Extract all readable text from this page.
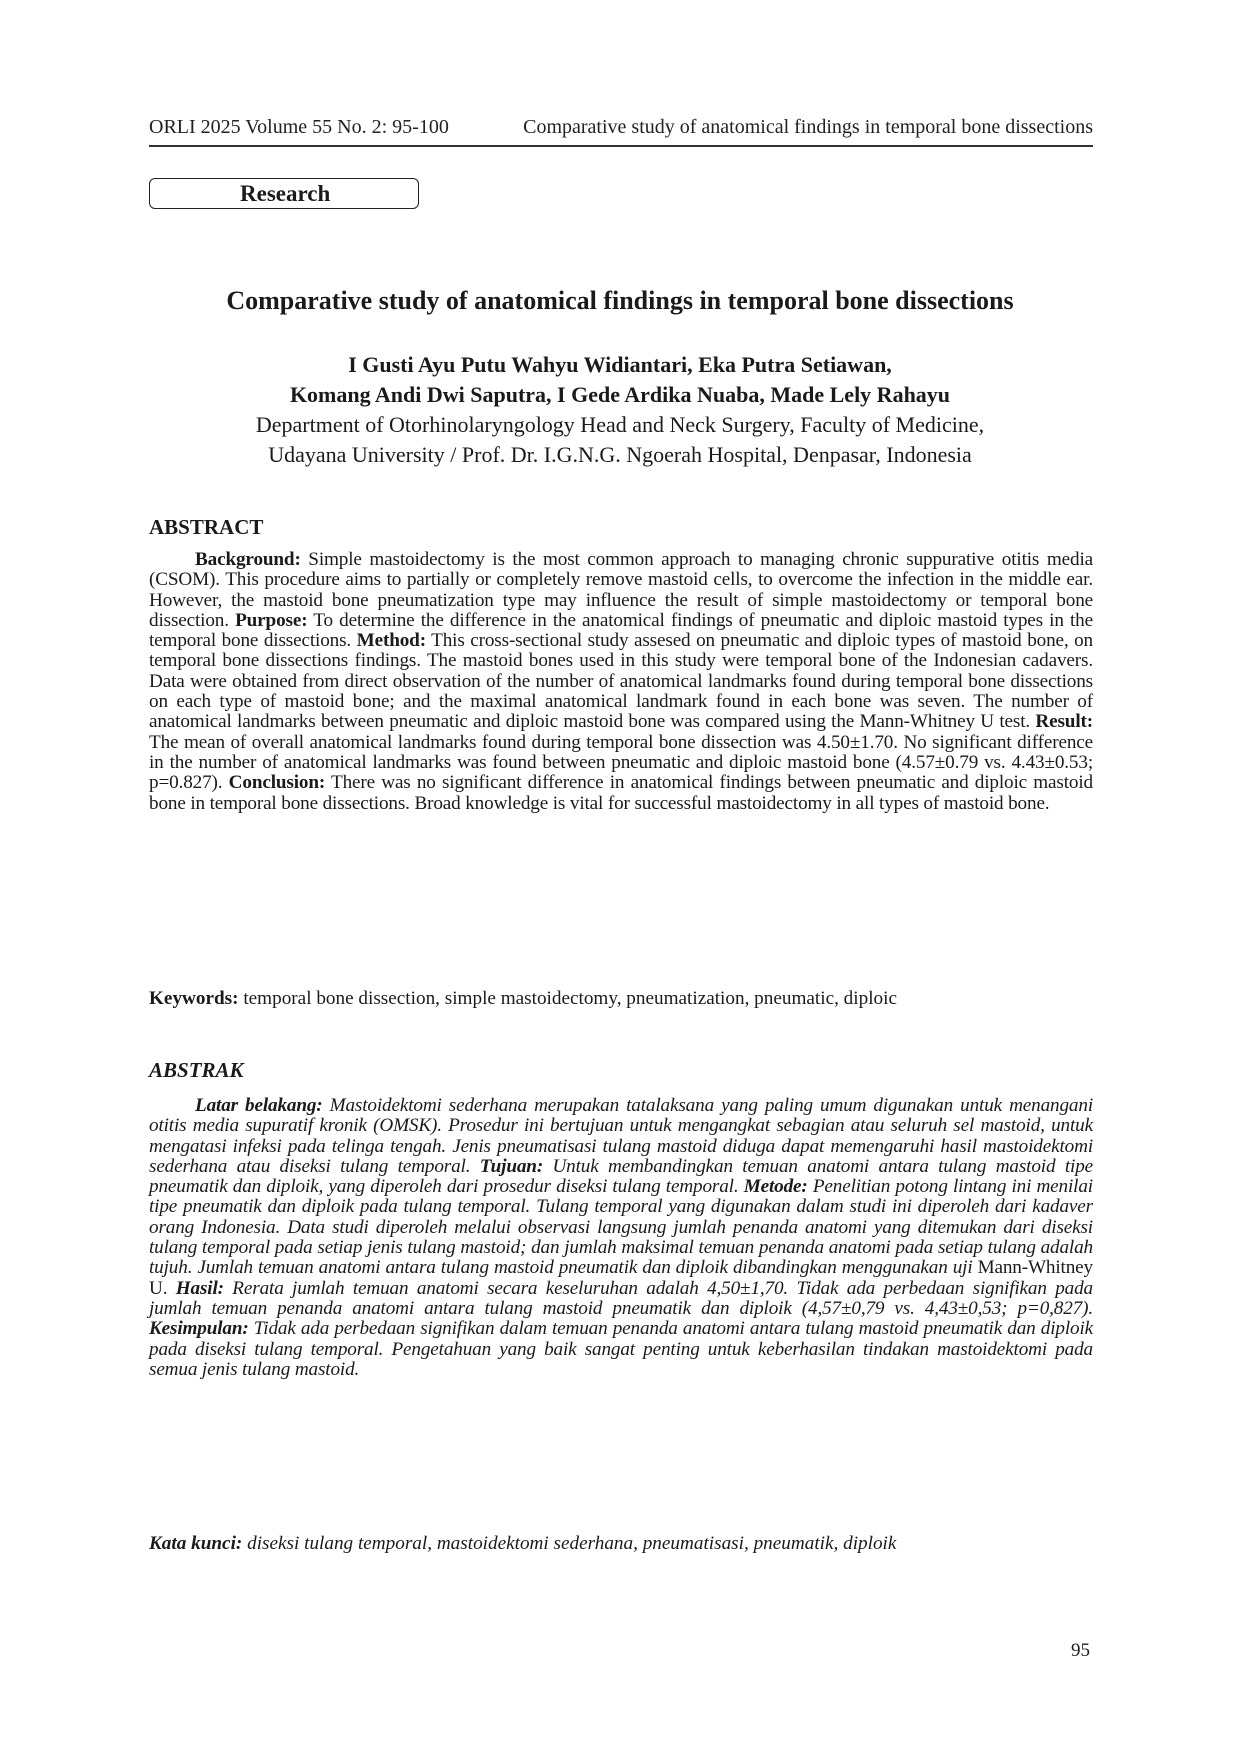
ORLI 2025 Volume 55 No. 2: 95-100	Comparative study of anatomical findings in temporal bone dissections
Research
Comparative study of anatomical findings in temporal bone dissections
I Gusti Ayu Putu Wahyu Widiantari, Eka Putra Setiawan,
Komang Andi Dwi Saputra, I Gede Ardika Nuaba, Made Lely Rahayu
Department of Otorhinolaryngology Head and Neck Surgery, Faculty of Medicine,
Udayana University / Prof. Dr. I.G.N.G. Ngoerah Hospital, Denpasar, Indonesia
ABSTRACT
Background: Simple mastoidectomy is the most common approach to managing chronic suppurative otitis media (CSOM). This procedure aims to partially or completely remove mastoid cells, to overcome the infection in the middle ear. However, the mastoid bone pneumatization type may influence the result of simple mastoidectomy or temporal bone dissection. Purpose: To determine the difference in the anatomical findings of pneumatic and diploic mastoid types in the temporal bone dissections. Method: This cross-sectional study assesed on pneumatic and diploic types of mastoid bone, on temporal bone dissections findings. The mastoid bones used in this study were temporal bone of the Indonesian cadavers. Data were obtained from direct observation of the number of anatomical landmarks found during temporal bone dissections on each type of mastoid bone; and the maximal anatomical landmark found in each bone was seven. The number of anatomical landmarks between pneumatic and diploic mastoid bone was compared using the Mann-Whitney U test. Result: The mean of overall anatomical landmarks found during temporal bone dissection was 4.50±1.70. No significant difference in the number of anatomical landmarks was found between pneumatic and diploic mastoid bone (4.57±0.79 vs. 4.43±0.53; p=0.827). Conclusion: There was no significant difference in anatomical findings between pneumatic and diploic mastoid bone in temporal bone dissections. Broad knowledge is vital for successful mastoidectomy in all types of mastoid bone.
Keywords: temporal bone dissection, simple mastoidectomy, pneumatization, pneumatic, diploic
ABSTRAK
Latar belakang: Mastoidektomi sederhana merupakan tatalaksana yang paling umum digunakan untuk menangani otitis media supuratif kronik (OMSK). Prosedur ini bertujuan untuk mengangkat sebagian atau seluruh sel mastoid, untuk mengatasi infeksi pada telinga tengah. Jenis pneumatisasi tulang mastoid diduga dapat memengaruhi hasil mastoidektomi sederhana atau diseksi tulang temporal. Tujuan: Untuk membandingkan temuan anatomi antara tulang mastoid tipe pneumatik dan diploik, yang diperoleh dari prosedur diseksi tulang temporal. Metode: Penelitian potong lintang ini menilai tipe pneumatik dan diploik pada tulang temporal. Tulang temporal yang digunakan dalam studi ini diperoleh dari kadaver orang Indonesia. Data studi diperoleh melalui observasi langsung jumlah penanda anatomi yang ditemukan dari diseksi tulang temporal pada setiap jenis tulang mastoid; dan jumlah maksimal temuan penanda anatomi pada setiap tulang adalah tujuh. Jumlah temuan anatomi antara tulang mastoid pneumatik dan diploik dibandingkan menggunakan uji Mann-Whitney U. Hasil: Rerata jumlah temuan anatomi secara keseluruhan adalah 4,50±1,70. Tidak ada perbedaan signifikan pada jumlah temuan penanda anatomi antara tulang mastoid pneumatik dan diploik (4,57±0,79 vs. 4,43±0,53; p=0,827). Kesimpulan: Tidak ada perbedaan signifikan dalam temuan penanda anatomi antara tulang mastoid pneumatik dan diploik pada diseksi tulang temporal. Pengetahuan yang baik sangat penting untuk keberhasilan tindakan mastoidektomi pada semua jenis tulang mastoid.
Kata kunci: diseksi tulang temporal, mastoidektomi sederhana, pneumatisasi, pneumatik, diploik
95
